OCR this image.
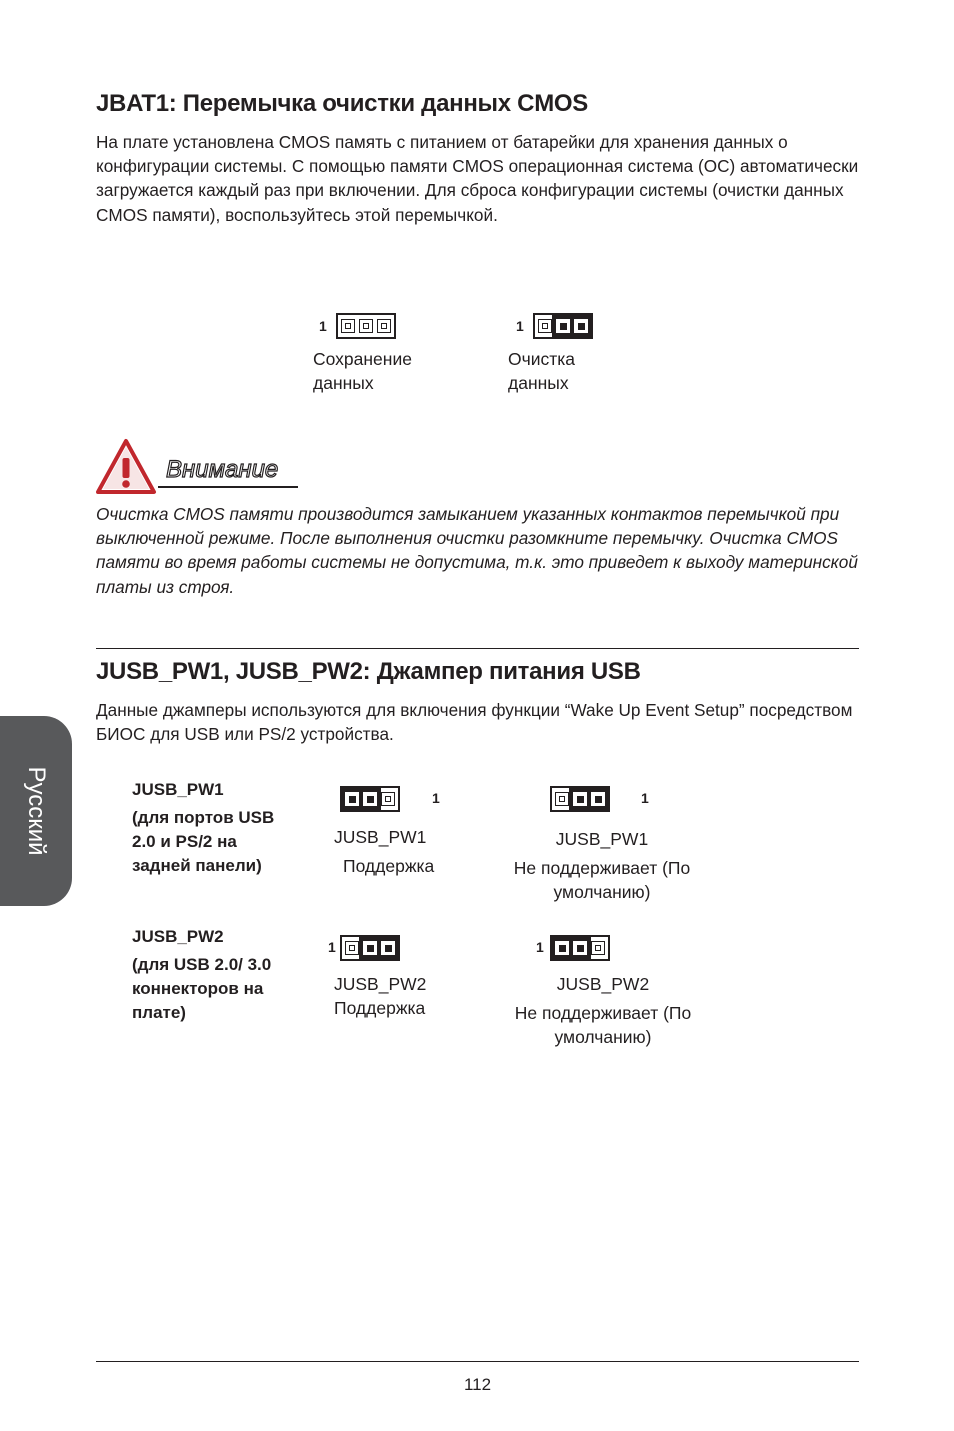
Русский
JBAT1: Перемычка очистки данных CMOS

На плате установлена CMOS память с питанием от батарейки для хранения данных о конфигурации системы. С помощью памяти CMOS операционная система (ОС) автоматически загружается каждый раз при включении. Для сброса конфигурации системы (очистки данных CMOS памяти), воспользуйтесь этой перемычкой.

1
Сохранение
данных
1
Очистка
данных
Внимание

Очистка CMOS памяти производится замыканием указанных контактов перемычкой при выключенной режиме. После выполнения очистки разомкните перемычку. Очистка CMOS памяти во время работы системы не допустима, т.к. это приведет к выходу материнской платы из строя.

JUSB_PW1, JUSB_PW2: Джампер питания USB

Данные джамперы используются для включения функции “Wake Up Event Setup” посредством БИОС для USB или PS/2 устройства.

JUSB_PW1

(для портов USB

2.0 и PS/2 на

задней панели)

1
JUSB_PW1
Поддержка
1
JUSB_PW1
Не поддерживает (По
умолчанию)

JUSB_PW2

(для USB 2.0/ 3.0

коннекторов на

плате)

1
JUSB_PW2
Поддержка
1
JUSB_PW2
Не поддерживает (По
умолчанию)
112
